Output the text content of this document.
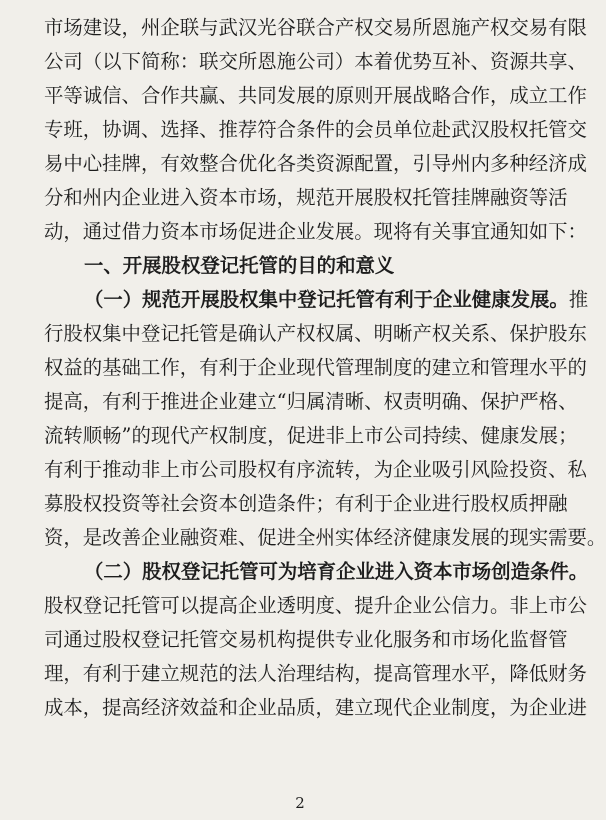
市场建设，州企联与武汉光谷联合产权交易所恩施产权交易有限
公司（以下简称：联交所恩施公司）本着优势互补、资源共享、
平等诚信、合作共赢、共同发展的原则开展战略合作，成立工作
专班，协调、选择、推荐符合条件的会员单位赴武汉股权托管交
易中心挂牌，有效整合优化各类资源配置，引导州内多种经济成
分和州内企业进入资本市场，规范开展股权托管挂牌融资等活
动，通过借力资本市场促进企业发展。现将有关事宜通知如下：
一、开展股权登记托管的目的和意义
（一）规范开展股权集中登记托管有利于企业健康发展。推
行股权集中登记托管是确认产权权属、明晰产权关系、保护股东
权益的基础工作，有利于企业现代管理制度的建立和管理水平的
提高，有利于推进企业建立“归属清晰、权责明确、保护严格、
流转顺畅”的现代产权制度，促进非上市公司持续、健康发展；
有利于推动非上市公司股权有序流转，为企业吸引风险投资、私
募股权投资等社会资本创造条件；有利于企业进行股权质押融
资，是改善企业融资难、促进全州实体经济健康发展的现实需要。
（二）股权登记托管可为培育企业进入资本市场创造条件。
股权登记托管可以提高企业透明度、提升企业公信力。非上市公
司通过股权登记托管交易机构提供专业化服务和市场化监督管
理，有利于建立规范的法人治理结构，提高管理水平，降低财务
成本，提高经济效益和企业品质，建立现代企业制度，为企业进
2
